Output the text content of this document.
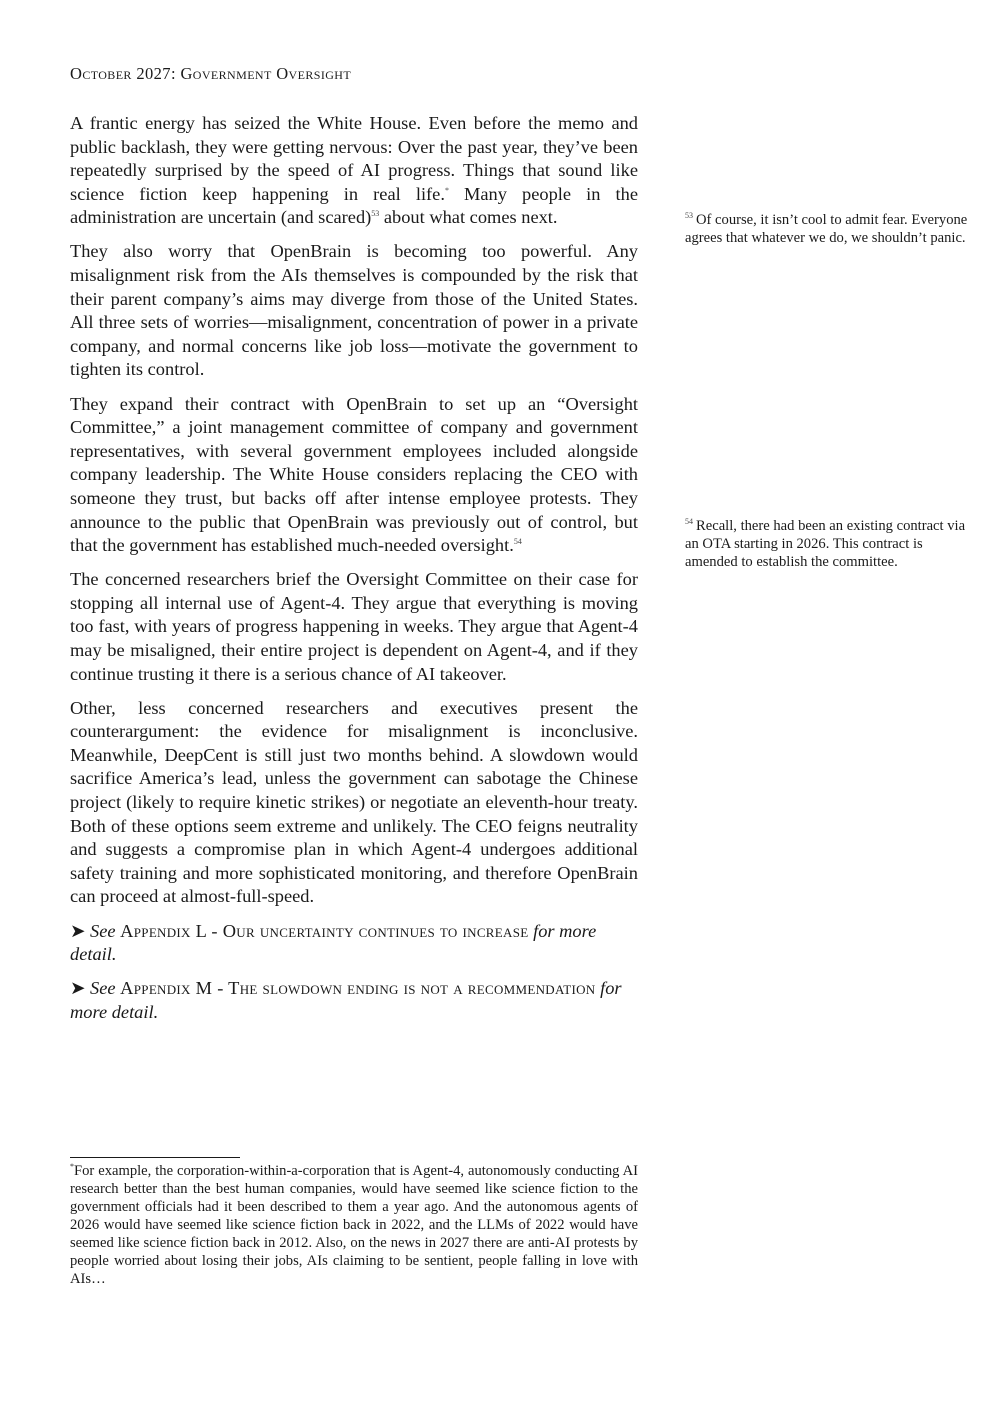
October 2027: Government Oversight

A frantic energy has seized the White House. Even before the memo and public backlash, they were getting nervous: Over the past year, they’ve been repeatedly surprised by the speed of AI progress. Things that sound like science fiction keep happening in real life.* Many people in the administration are uncertain (and scared)$^{53}$ about what comes next.

They also worry that OpenBrain is becoming too powerful. Any misalignment risk from the AIs themselves is compounded by the risk that their parent company’s aims may diverge from those of the United States. All three sets of worries—misalignment, concentration of power in a private company, and normal concerns like job loss—motivate the government to tighten its control.

They expand their contract with OpenBrain to set up an “Oversight Committee,” a joint management committee of company and government representatives, with several government employees included alongside company leadership. The White House considers replacing the CEO with someone they trust, but backs off after intense employee protests. They announce to the public that OpenBrain was previously out of control, but that the government has established much-needed oversight.$^{54}$

The concerned researchers brief the Oversight Committee on their case for stopping all internal use of Agent-4. They argue that everything is moving too fast, with years of progress happening in weeks. They argue that Agent-4 may be misaligned, their entire project is dependent on Agent-4, and if they continue trusting it there is a serious chance of AI takeover.

Other, less concerned researchers and executives present the counterargument: the evidence for misalignment is inconclusive. Meanwhile, DeepCent is still just two months behind. A slowdown would sacrifice America’s lead, unless the government can sabotage the Chinese project (likely to require kinetic strikes) or negotiate an eleventh-hour treaty. Both of these options seem extreme and unlikely. The CEO feigns neutrality and suggests a compromise plan in which Agent-4 undergoes additional safety training and more sophisticated monitoring, and therefore OpenBrain can proceed at almost-full-speed.

➤ See Appendix L - Our uncertainty continues to increase for more detail.

➤ See Appendix M - The slowdown ending is not a recommendation for more detail.

$^{53}$ Of course, it isn’t cool to admit fear. Everyone agrees that whatever we do, we shouldn’t panic.
$^{54}$ Recall, there had been an existing contract via an OTA starting in 2026. This contract is amended to establish the committee.
*For example, the corporation-within-a-corporation that is Agent-4, autonomously conducting AI research better than the best human companies, would have seemed like science fiction to the government officials had it been described to them a year ago. And the autonomous agents of 2026 would have seemed like science fiction back in 2022, and the LLMs of 2022 would have seemed like science fiction back in 2012. Also, on the news in 2027 there are anti-AI protests by people worried about losing their jobs, AIs claiming to be sentient, people falling in love with AIs…
